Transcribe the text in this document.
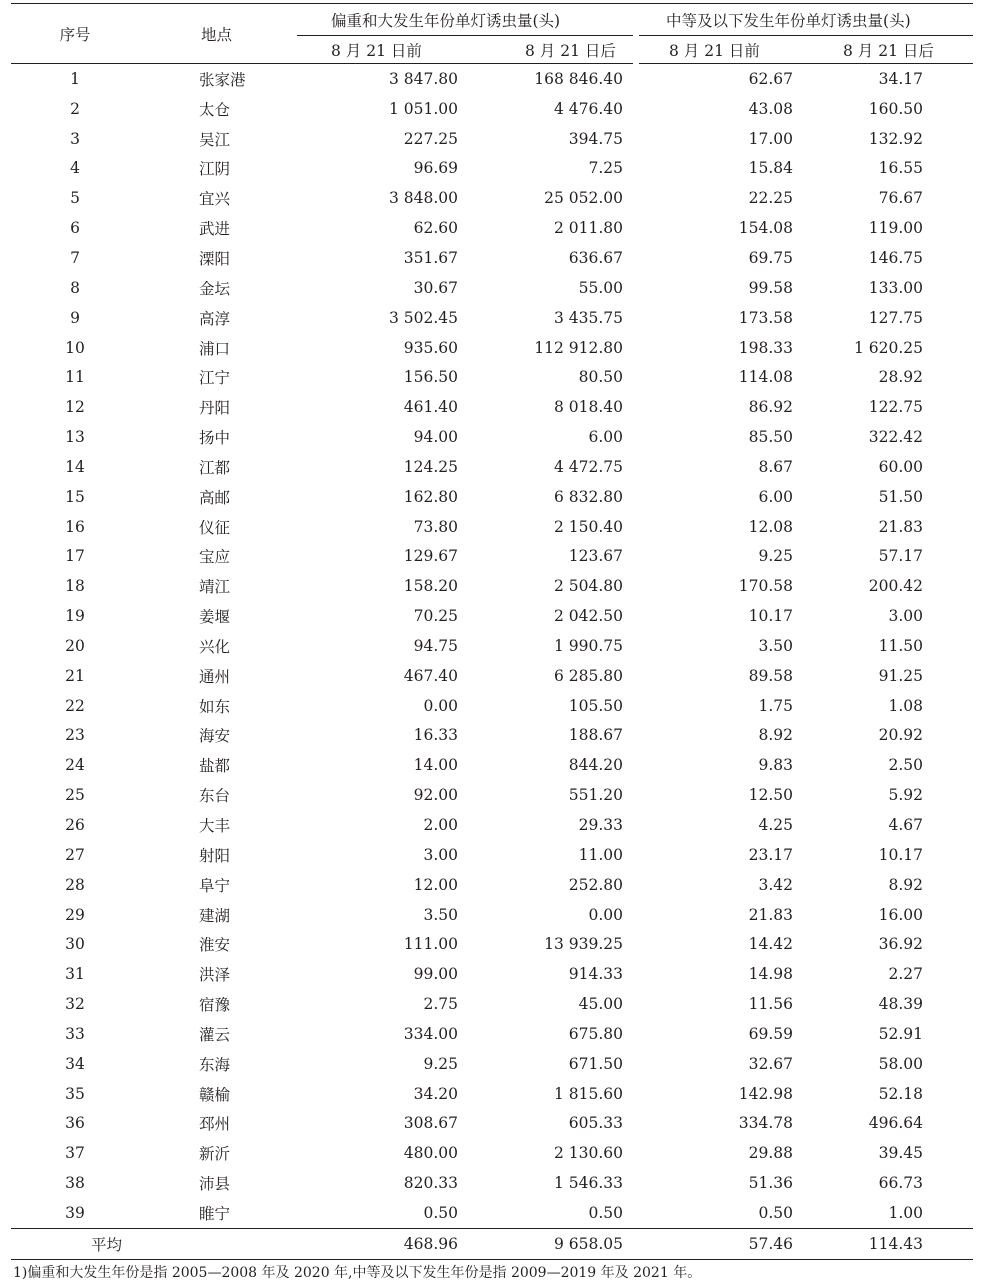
序号	地点	偏重和大发生年份单灯诱虫量(头)		中等及以下发生年份单灯诱虫量(头)	
		8 月 21 日前	8 月 21 日后	8 月 21 日前	8 月 21 日后
1	张家港	3 847.80	168 846.40	62.67	34.17
2	太仓	1 051.00	4 476.40	43.08	160.50
3	吴江	227.25	394.75	17.00	132.92
4	江阴	96.69	7.25	15.84	16.55
5	宜兴	3 848.00	25 052.00	22.25	76.67
6	武进	62.60	2 011.80	154.08	119.00
7	溧阳	351.67	636.67	69.75	146.75
8	金坛	30.67	55.00	99.58	133.00
9	高淳	3 502.45	3 435.75	173.58	127.75
10	浦口	935.60	112 912.80	198.33	1 620.25
11	江宁	156.50	80.50	114.08	28.92
12	丹阳	461.40	8 018.40	86.92	122.75
13	扬中	94.00	6.00	85.50	322.42
14	江都	124.25	4 472.75	8.67	60.00
15	高邮	162.80	6 832.80	6.00	51.50
16	仪征	73.80	2 150.40	12.08	21.83
17	宝应	129.67	123.67	9.25	57.17
18	靖江	158.20	2 504.80	170.58	200.42
19	姜堰	70.25	2 042.50	10.17	3.00
20	兴化	94.75	1 990.75	3.50	11.50
21	通州	467.40	6 285.80	89.58	91.25
22	如东	0.00	105.50	1.75	1.08
23	海安	16.33	188.67	8.92	20.92
24	盐都	14.00	844.20	9.83	2.50
25	东台	92.00	551.20	12.50	5.92
26	大丰	2.00	29.33	4.25	4.67
27	射阳	3.00	11.00	23.17	10.17
28	阜宁	12.00	252.80	3.42	8.92
29	建湖	3.50	0.00	21.83	16.00
30	淮安	111.00	13 939.25	14.42	36.92
31	洪泽	99.00	914.33	14.98	2.27
32	宿豫	2.75	45.00	11.56	48.39
33	灌云	334.00	675.80	69.59	52.91
34	东海	9.25	671.50	32.67	58.00
35	赣榆	34.20	1 815.60	142.98	52.18
36	邳州	308.67	605.33	334.78	496.64
37	新沂	480.00	2 130.60	29.88	39.45
38	沛县	820.33	1 546.33	51.36	66.73
39	睢宁	0.50	0.50	0.50	1.00
平均		468.96	9 658.05	57.46	114.43
1)偏重和大发生年份是指 2005—2008 年及 2020 年,中等及以下发生年份是指 2009—2019 年及 2021 年。
